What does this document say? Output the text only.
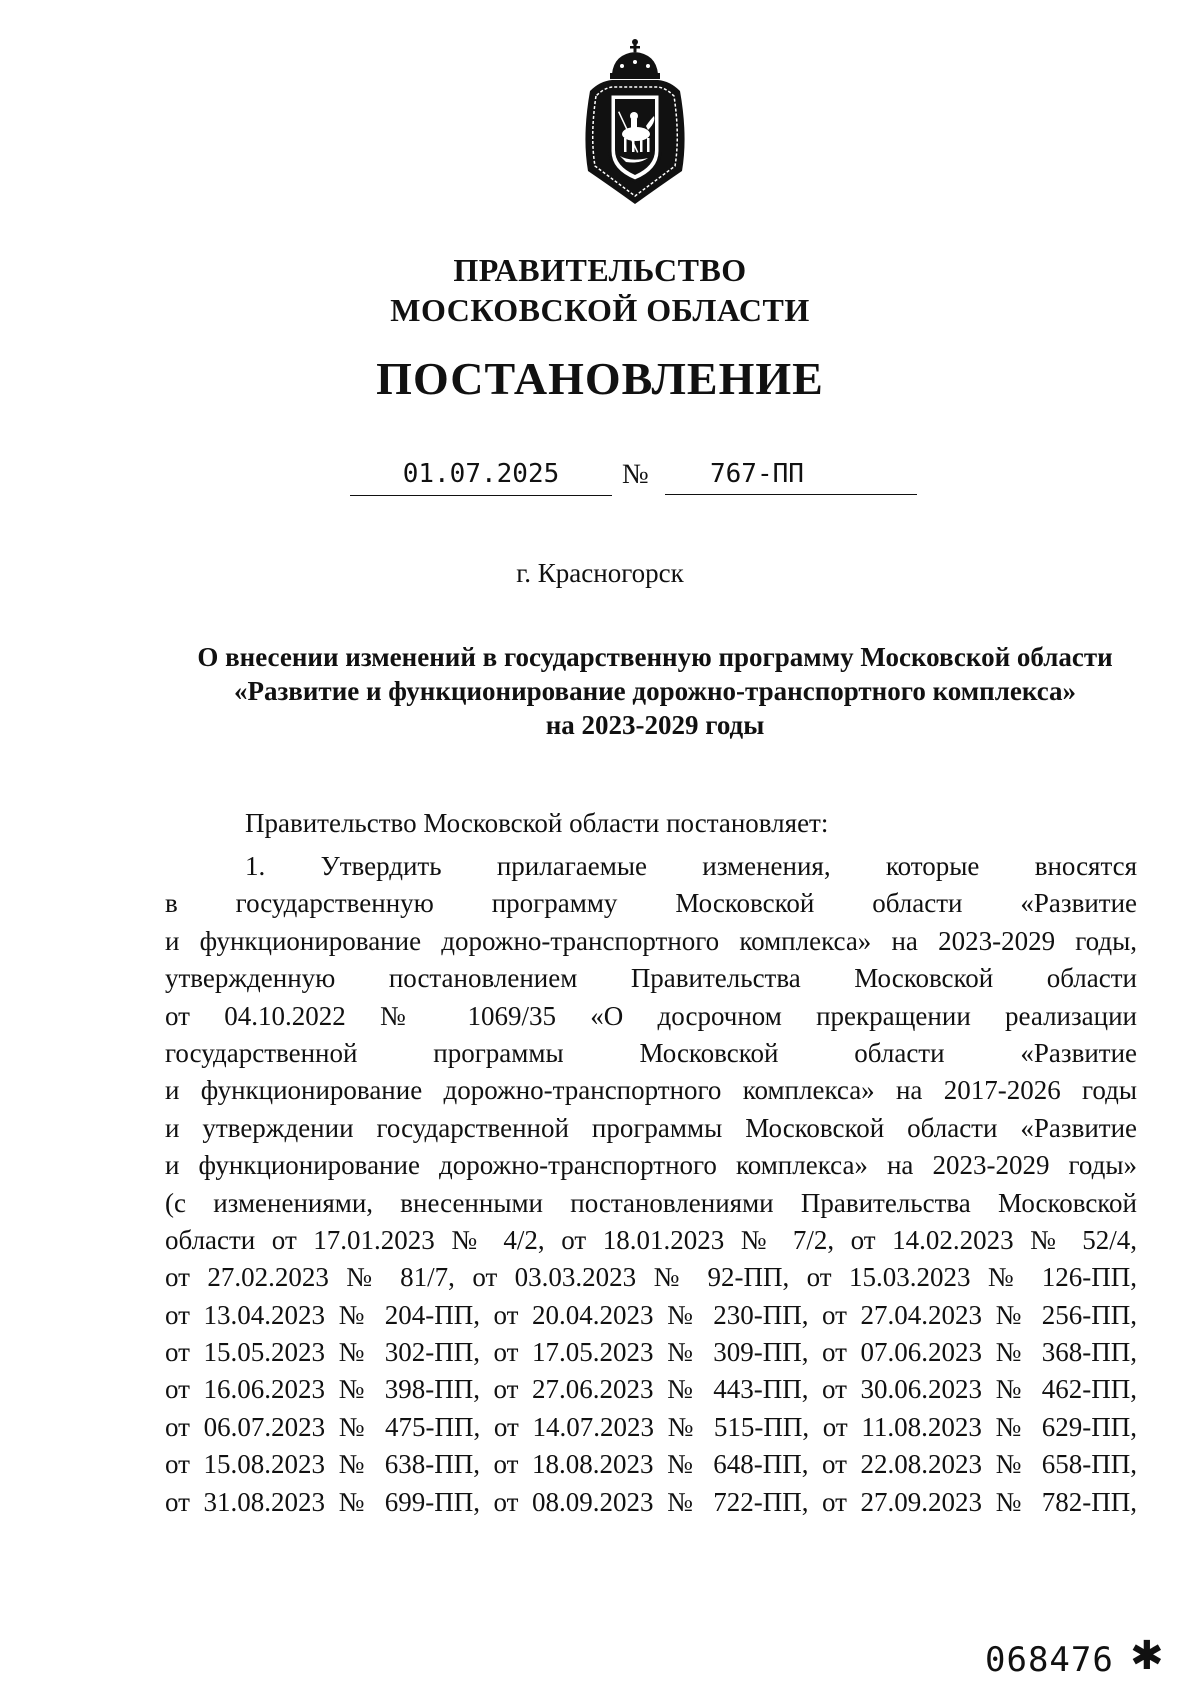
ПРАВИТЕЛЬСТВО
МОСКОВСКОЙ ОБЛАСТИ
ПОСТАНОВЛЕНИЕ
01.07.2025	№	767-ПП
г. Красногорск
О внесении изменений в государственную программу Московской области
«Развитие и функционирование дорожно-транспортного комплекса»
на 2023-2029 годы
Правительство Московской области постановляет:
1. Утвердить прилагаемые изменения, которые вносятся
в государственную программу Московской области «Развитие
и функционирование дорожно-транспортного комплекса» на 2023-2029 годы,
утвержденную постановлением Правительства Московской области
от 04.10.2022 № 1069/35 «О досрочном прекращении реализации
государственной программы Московской области «Развитие
и функционирование дорожно-транспортного комплекса» на 2017-2026 годы
и утверждении государственной программы Московской области «Развитие
и функционирование дорожно-транспортного комплекса» на 2023-2029 годы»
(с изменениями, внесенными постановлениями Правительства Московской
области от 17.01.2023 № 4/2, от 18.01.2023 № 7/2, от 14.02.2023 № 52/4,
от 27.02.2023 № 81/7, от 03.03.2023 № 92-ПП, от 15.03.2023 № 126-ПП,
от 13.04.2023 № 204-ПП, от 20.04.2023 № 230-ПП, от 27.04.2023 № 256-ПП,
от 15.05.2023 № 302-ПП, от 17.05.2023 № 309-ПП, от 07.06.2023 № 368-ПП,
от 16.06.2023 № 398-ПП, от 27.06.2023 № 443-ПП, от 30.06.2023 № 462-ПП,
от 06.07.2023 № 475-ПП, от 14.07.2023 № 515-ПП, от 11.08.2023 № 629-ПП,
от 15.08.2023 № 638-ПП, от 18.08.2023 № 648-ПП, от 22.08.2023 № 658-ПП,
от 31.08.2023 № 699-ПП, от 08.09.2023 № 722-ПП, от 27.09.2023 № 782-ПП,
068476 ✱
